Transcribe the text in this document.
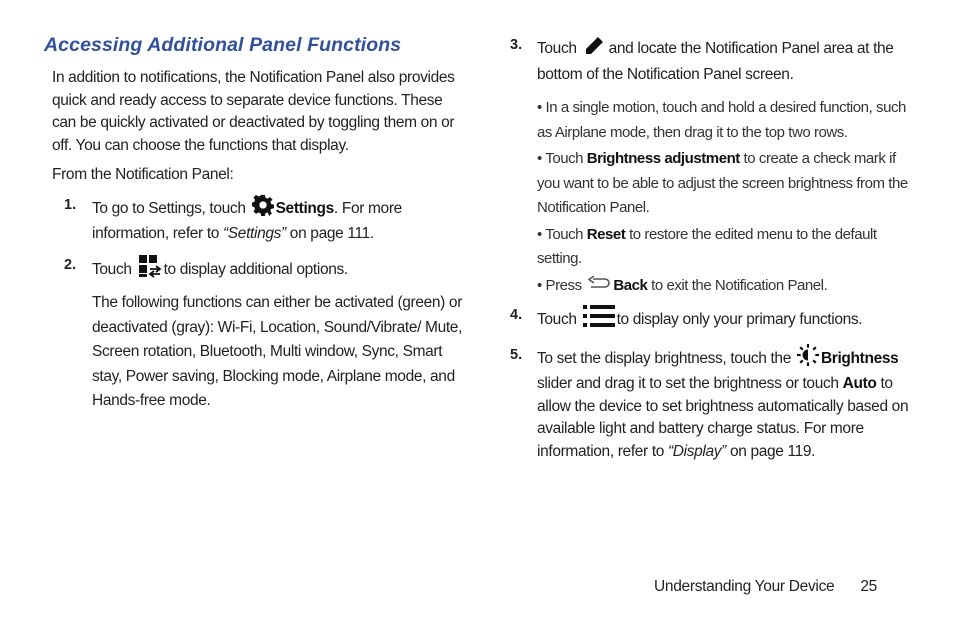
Accessing Additional Panel Functions

In addition to notifications, the Notification Panel also provides quick and ready access to separate device functions. These can be quickly activated or deactivated by toggling them on or off. You can choose the functions that display.

From the Notification Panel:

1. To go to Settings, touch Settings. For more information, refer to “Settings” on page 111.

2. Touch to display additional options.

The following functions can either be activated (green) or deactivated (gray): Wi-Fi, Location, Sound/Vibrate/ Mute, Screen rotation, Bluetooth, Multi window, Sync, Smart stay, Power saving, Blocking mode, Airplane mode, and Hands-free mode.

3. Touch and locate the Notification Panel area at the bottom of the Notification Panel screen.

• In a single motion, touch and hold a desired function, such as Airplane mode, then drag it to the top two rows.
• Touch Brightness adjustment to create a check mark if you want to be able to adjust the screen brightness from the Notification Panel.
• Touch Reset to restore the edited menu to the default setting.
• Press Back to exit the Notification Panel.
4. Touch	to display only your primary functions.

5. To set the display brightness, touch the Brightness slider and drag it to set the brightness or touch Auto to allow the device to set brightness automatically based on available light and battery charge status. For more information, refer to “Display” on page 119.

Understanding Your Device 25
